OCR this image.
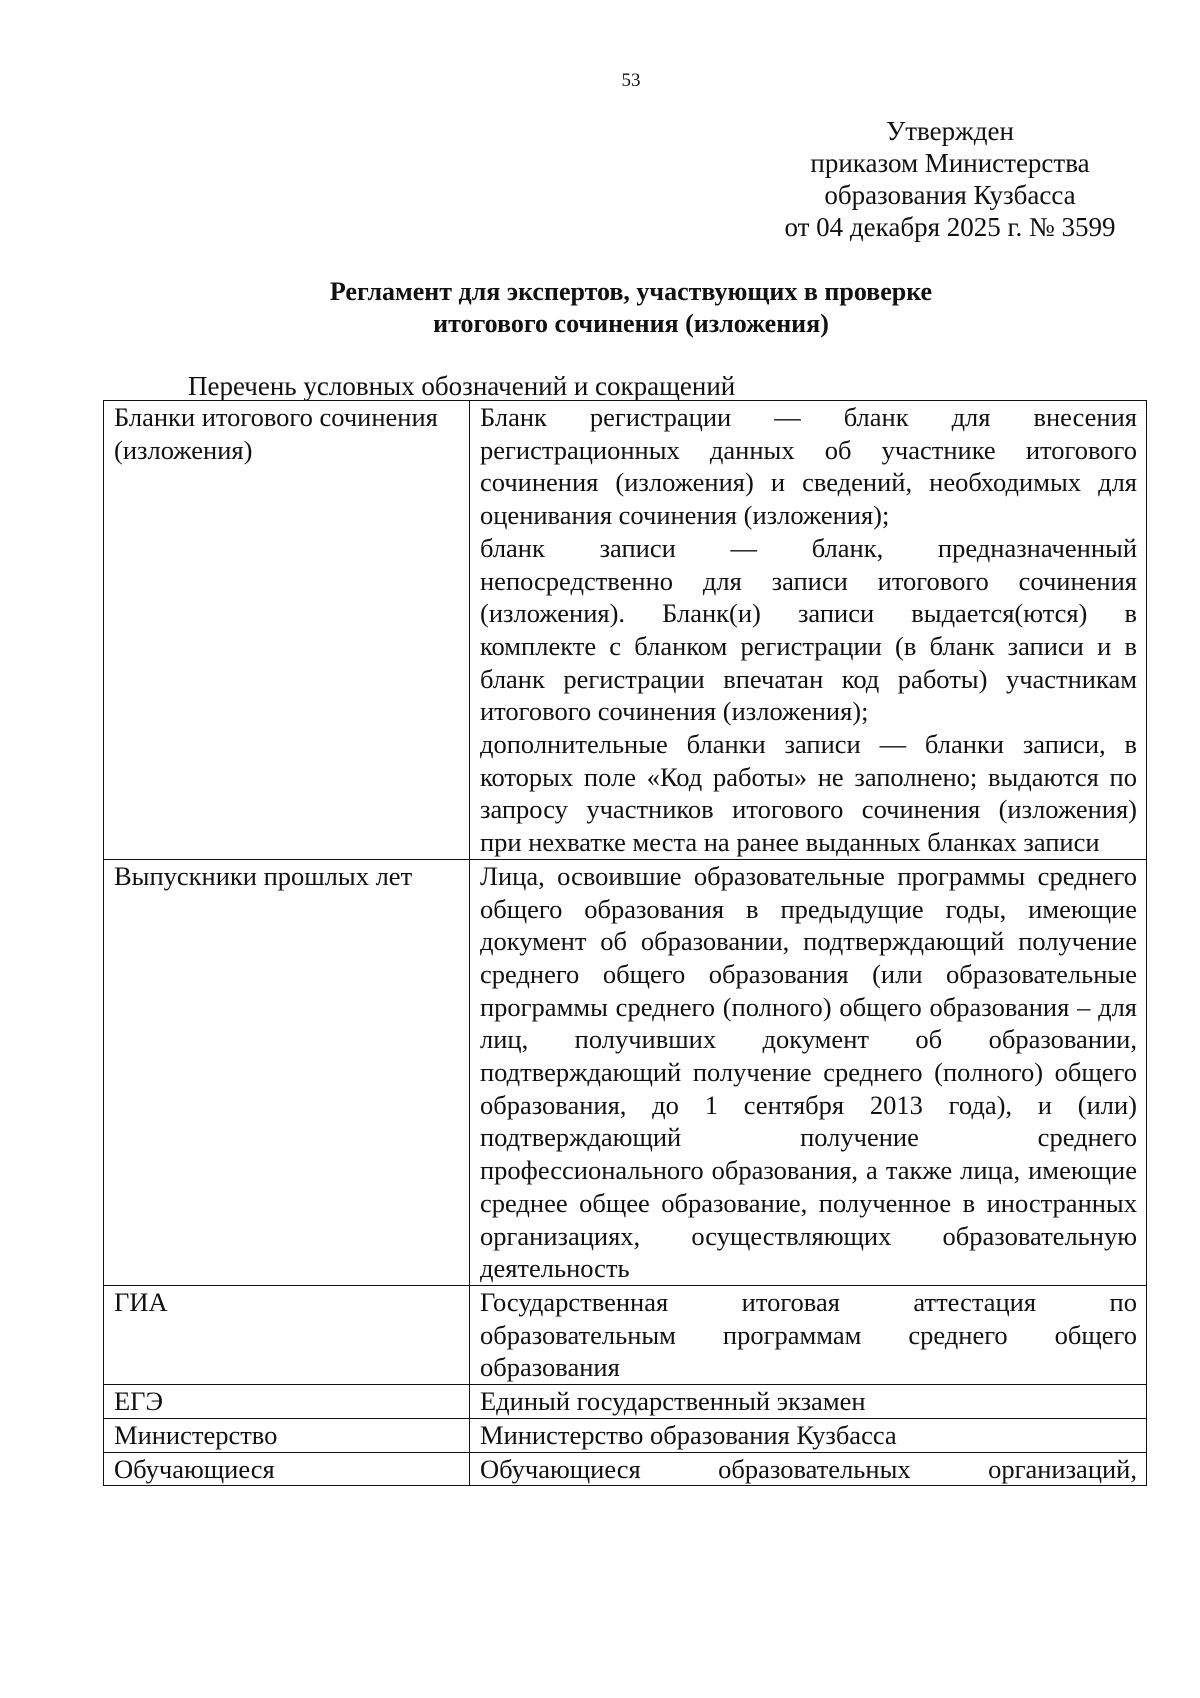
53
Утвержден
приказом Министерства
образования Кузбасса
от 04 декабря 2025 г. № 3599
Регламент для экспертов, участвующих в проверке
итогового сочинения (изложения)
Перечень условных обозначений и сокращений
Бланки итогового сочинения (изложения)	Бланк регистрации — бланк для внесения регистрационных данных об участнике итогового сочинения (изложения) и сведений, необходимых для оценивания сочинения (изложения);

бланк записи — бланк, предназначенный непосредственно для записи итогового сочинения (изложения). Бланк(и) записи выдается(ются) в комплекте с бланком регистрации (в бланк записи и в бланк регистрации впечатан код работы) участникам итогового сочинения (изложения);

дополнительные бланки записи — бланки записи, в которых поле «Код работы» не заполнено; выдаются по запросу участников итогового сочинения (изложения) при нехватке места на ранее выданных бланках записи

Выпускники прошлых лет	Лица, освоившие образовательные программы среднего общего образования в предыдущие годы, имеющие документ об образовании, подтверждающий получение среднего общего образования (или образовательные программы среднего (полного) общего образования – для лиц, получивших документ об образовании, подтверждающий получение среднего (полного) общего образования, до 1 сентября 2013 года), и (или) подтверждающий получение среднего профессионального образования, а также лица, имеющие среднее общее образование, полученное в иностранных организациях, осуществляющих образовательную деятельность

ГИА	Государственная итоговая аттестация по образовательным программам среднего общего образования

ЕГЭ	Единый государственный экзамен

Министерство	Министерство образования Кузбасса

Обучающиеся	Обучающиеся образовательных организаций,
